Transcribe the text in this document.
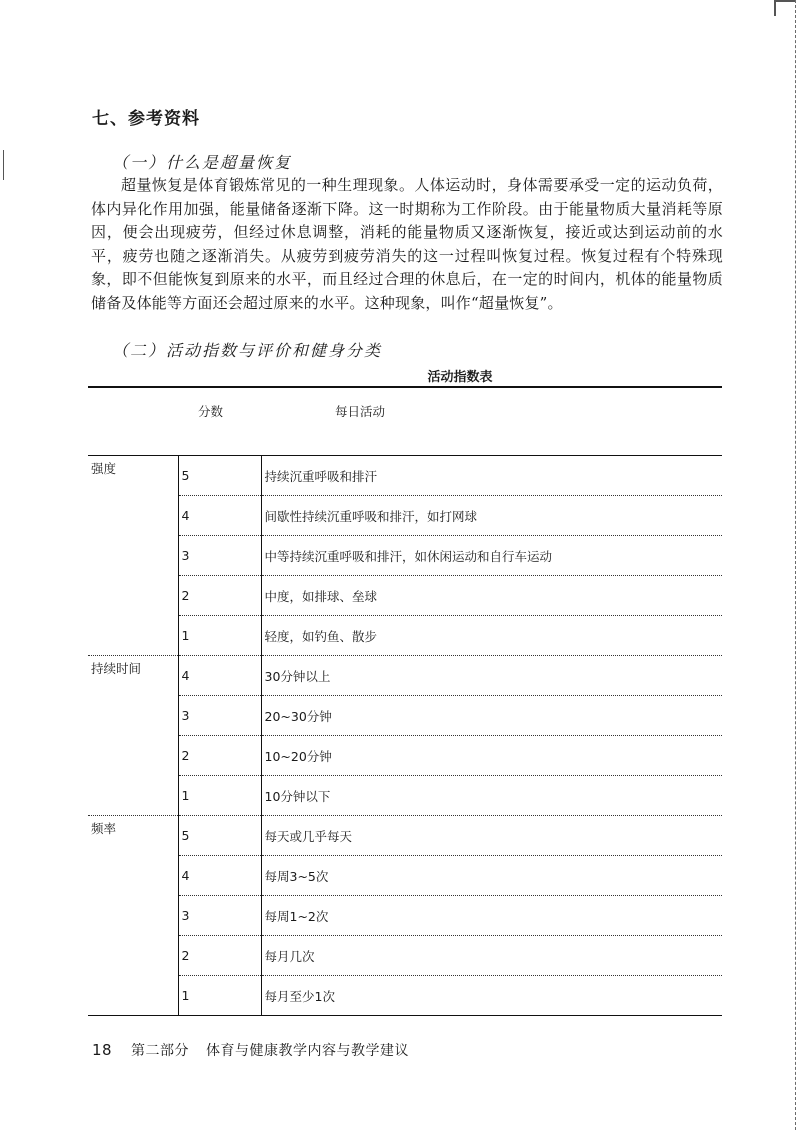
七、参考资料
（一）什么是超量恢复
超量恢复是体育锻炼常见的一种生理现象。人体运动时，身体需要承受一定的运动负荷，体内异化作用加强，能量储备逐渐下降。这一时期称为工作阶段。由于能量物质大量消耗等原因，便会出现疲劳，但经过休息调整，消耗的能量物质又逐渐恢复，接近或达到运动前的水平，疲劳也随之逐渐消失。从疲劳到疲劳消失的这一过程叫恢复过程。恢复过程有个特殊现象，即不但能恢复到原来的水平，而且经过合理的休息后，在一定的时间内，机体的能量物质储备及体能等方面还会超过原来的水平。这种现象，叫作“超量恢复”。
（二）活动指数与评价和健身分类
活动指数表
	分数	每日活动
强度	5	持续沉重呼吸和排汗
	4	间歇性持续沉重呼吸和排汗，如打网球
	3	中等持续沉重呼吸和排汗，如休闲运动和自行车运动
	2	中度，如排球、垒球
	1	轻度，如钓鱼、散步
持续时间	4	30分钟以上
	3	20~30分钟
	2	10~20分钟
	1	10分钟以下
频率	5	每天或几乎每天
	4	每周3~5次
	3	每周1~2次
	2	每月几次
	1	每月至少1次
18 第二部分 体育与健康教学内容与教学建议
